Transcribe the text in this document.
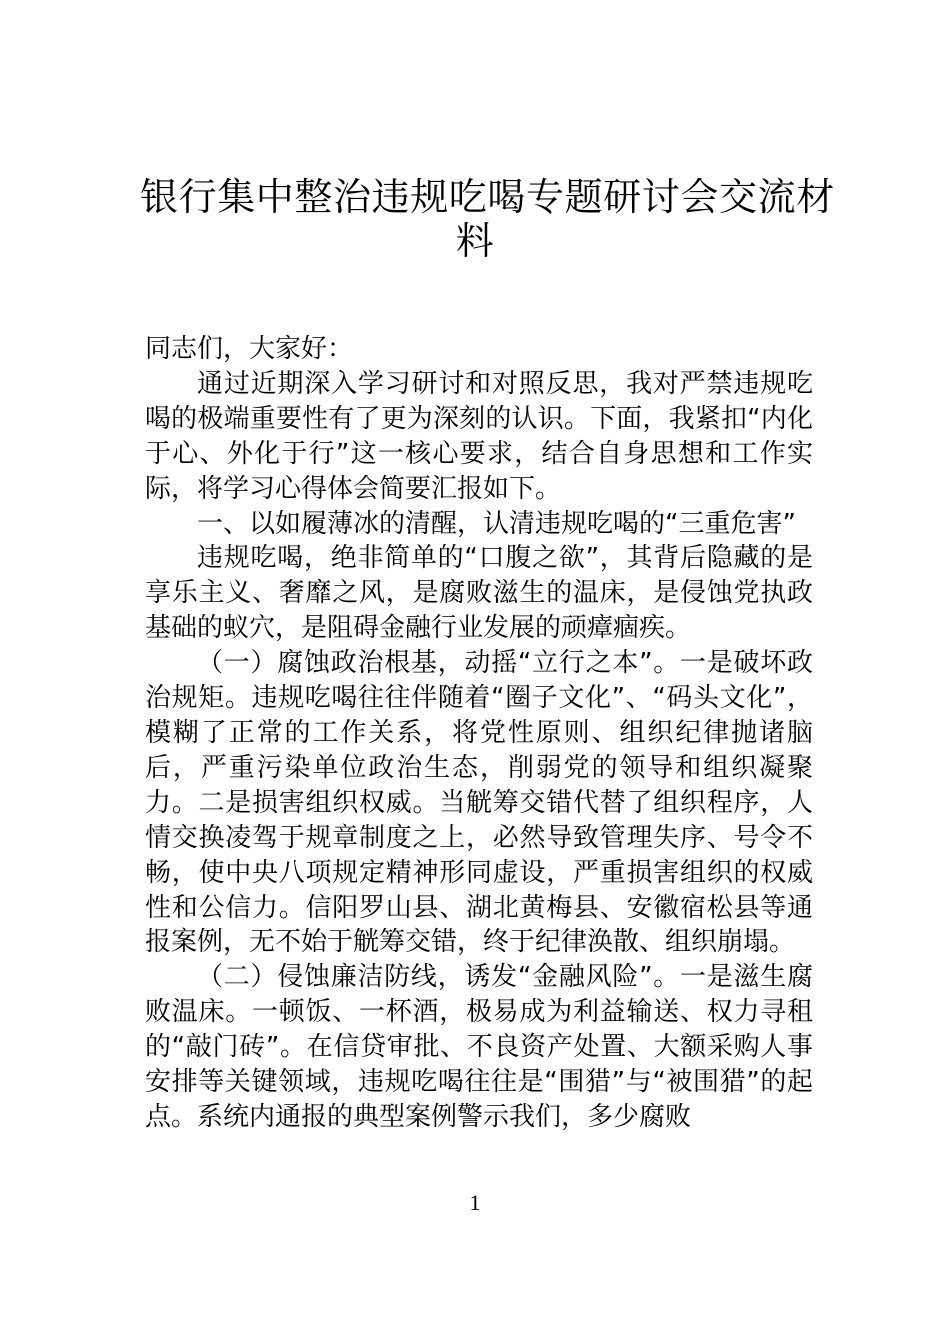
银行集中整治违规吃喝专题研讨会交流材
料

同志们，大家好：

通过近期深入学习研讨和对照反思，我对严禁违规吃喝的极端重要性有了更为深刻的认识。下面，我紧扣“内化于心、外化于行”这一核心要求，结合自身思想和工作实际，将学习心得体会简要汇报如下。

一、以如履薄冰的清醒，认清违规吃喝的“三重危害”

违规吃喝，绝非简单的“口腹之欲”，其背后隐藏的是享乐主义、奢靡之风，是腐败滋生的温床，是侵蚀党执政基础的蚁穴，是阻碍金融行业发展的顽瘴痼疾。

（一）腐蚀政治根基，动摇“立行之本”。一是破坏政治规矩。违规吃喝往往伴随着“圈子文化”、“码头文化”，模糊了正常的工作关系，将党性原则、组织纪律抛诸脑后，严重污染单位政治生态，削弱党的领导和组织凝聚力。二是损害组织权威。当觥筹交错代替了组织程序，人情交换凌驾于规章制度之上，必然导致管理失序、号令不畅，使中央八项规定精神形同虚设，严重损害组织的权威性和公信力。信阳罗山县、湖北黄梅县、安徽宿松县等通报案例，无不始于觥筹交错，终于纪律涣散、组织崩塌。

（二）侵蚀廉洁防线，诱发“金融风险”。一是滋生腐败温床。一顿饭、一杯酒，极易成为利益输送、权力寻租的“敲门砖”。在信贷审批、不良资产处置、大额采购人事安排等关键领域，违规吃喝往往是“围猎”与“被围猎”的起点。系统内通报的典型案例警示我们，多少腐败

1
